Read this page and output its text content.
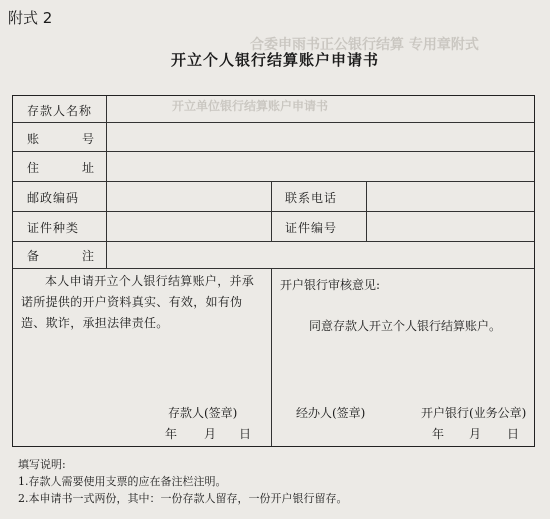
合委申雨书正公银行结算 专用章附式
开立单位银行结算账户申请书
附式 2
开立个人银行结算账户申请书
存款人名称
账	号
住	址
邮政编码	联系电话
证件种类	证件编号
备	注
本人申请开立个人银行结算账户，并承诺所提供的开户资料真实、有效，如有伪造、欺诈，承担法律责任。
存款人(签章)
年 月 日
开户银行审核意见:
同意存款人开立个人银行结算账户。
经办人(签章)	开户银行(业务公章)
年 月 日
填写说明:
1.存款人需要使用支票的应在备注栏注明。
2.本申请书一式两份，其中：一份存款人留存，一份开户银行留存。
